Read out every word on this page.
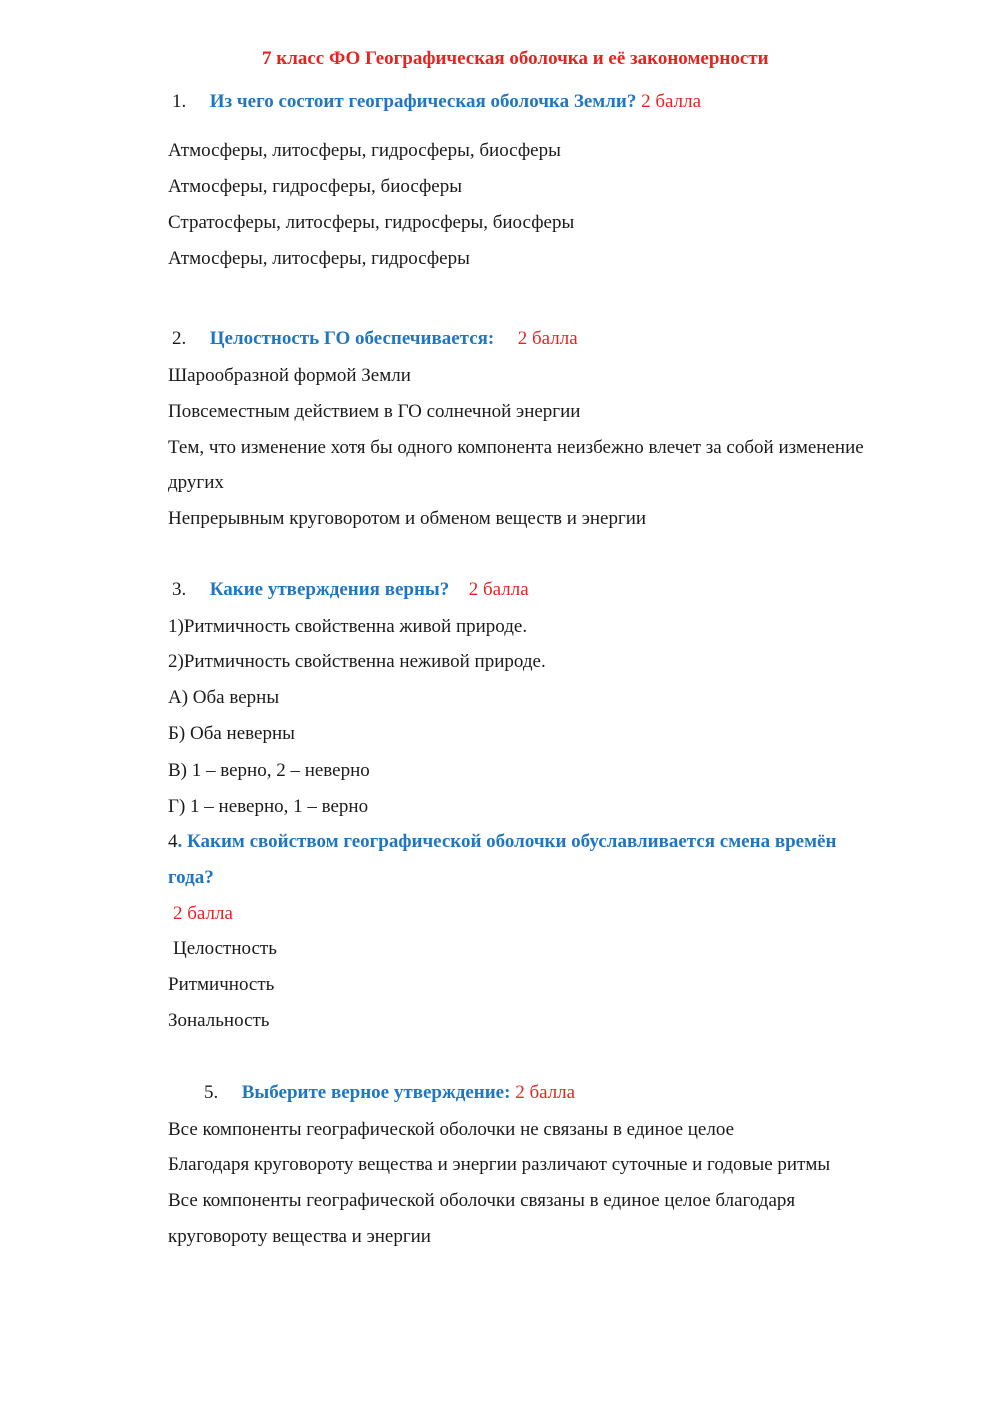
7 класс ФО Географическая оболочка и её закономерности
1. Из чего состоит географическая оболочка Земли? 2 балла
Атмосферы, литосферы, гидросферы, биосферы
Атмосферы, гидросферы, биосферы
Стратосферы, литосферы, гидросферы, биосферы
Атмосферы, литосферы, гидросферы
2. Целостность ГО обеспечивается: 2 балла
Шарообразной формой Земли
Повсеместным действием в ГО солнечной энергии
Тем, что изменение хотя бы одного компонента неизбежно влечет за собой изменение
других
Непрерывным круговоротом и обменом веществ и энергии
3. Какие утверждения верны? 2 балла
1)Ритмичность свойственна живой природе.
2)Ритмичность свойственна неживой природе.
А) Оба верны
Б) Оба неверны
В) 1 – верно, 2 – неверно
Г) 1 – неверно, 1 – верно
4. Каким свойством географической оболочки обуславливается смена времён
года?
2 балла
Целостность
Ритмичность
Зональность
5. Выберите верное утверждение: 2 балла
Все компоненты географической оболочки не связаны в единое целое
Благодаря круговороту вещества и энергии различают суточные и годовые ритмы
Все компоненты географической оболочки связаны в единое целое благодаря
круговороту вещества и энергии
